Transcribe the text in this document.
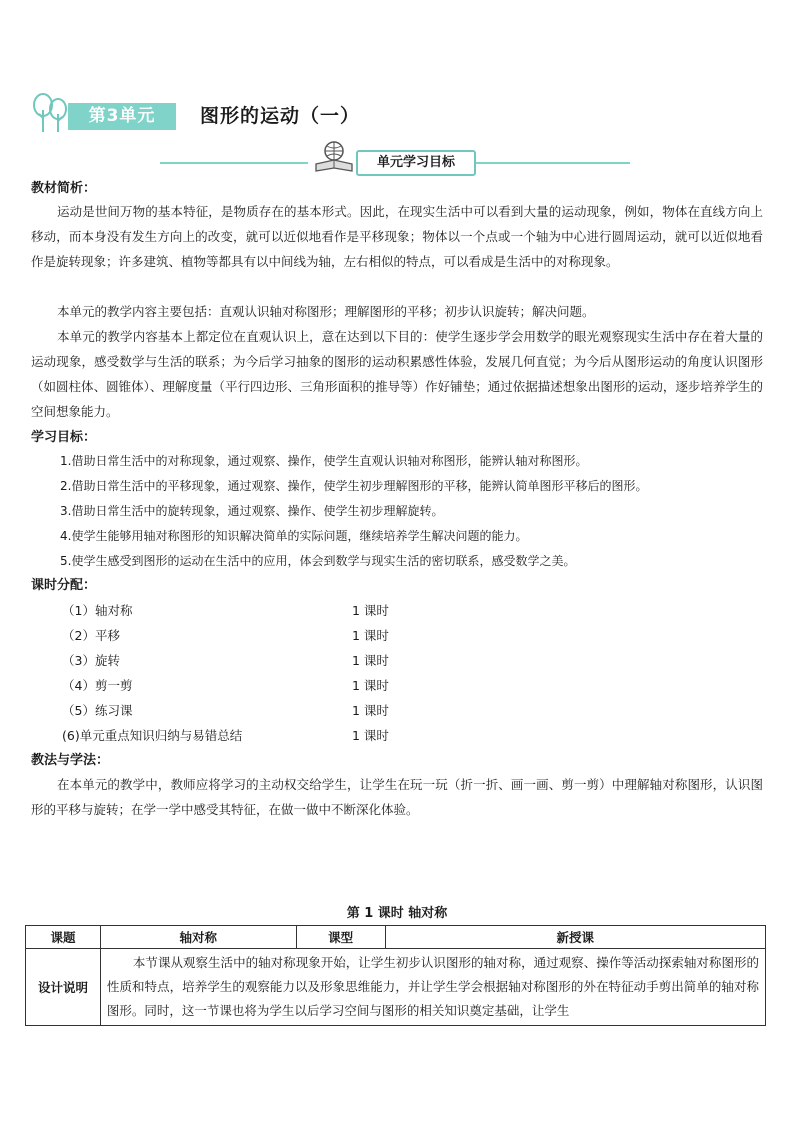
第3单元	图形的运动（一）
单元学习目标
教材简析：
运动是世间万物的基本特征，是物质存在的基本形式。因此，在现实生活中可以看到大量的运动现象，例如，物体在直线方向上移动，而本身没有发生方向上的改变，就可以近似地看作是平移现象；物体以一个点或一个轴为中心进行圆周运动，就可以近似地看作是旋转现象；许多建筑、植物等都具有以中间线为轴，左右相似的特点，可以看成是生活中的对称现象。
本单元的教学内容主要包括：直观认识轴对称图形；理解图形的平移；初步认识旋转；解决问题。
本单元的教学内容基本上都定位在直观认识上，意在达到以下目的：使学生逐步学会用数学的眼光观察现实生活中存在着大量的运动现象，感受数学与生活的联系；为今后学习抽象的图形的运动积累感性体验，发展几何直觉；为今后从图形运动的角度认识图形（如圆柱体、圆锥体）、理解度量（平行四边形、三角形面积的推导等）作好铺垫；通过依据描述想象出图形的运动，逐步培养学生的空间想象能力。
学习目标：
1.借助日常生活中的对称现象，通过观察、操作，使学生直观认识轴对称图形，能辨认轴对称图形。
2.借助日常生活中的平移现象，通过观察、操作，使学生初步理解图形的平移，能辨认简单图形平移后的图形。
3.借助日常生活中的旋转现象，通过观察、操作、使学生初步理解旋转。
4.使学生能够用轴对称图形的知识解决简单的实际问题，继续培养学生解决问题的能力。
5.使学生感受到图形的运动在生活中的应用，体会到数学与现实生活的密切联系，感受数学之美。
课时分配：
（1）轴对称	1 课时
（2）平移	1 课时
（3）旋转	1 课时
（4）剪一剪	1 课时
（5）练习课	1 课时
(6)单元重点知识归纳与易错总结	1 课时
教法与学法：
在本单元的教学中，教师应将学习的主动权交给学生，让学生在玩一玩（折一折、画一画、剪一剪）中理解轴对称图形，认识图形的平移与旋转；在学一学中感受其特征，在做一做中不断深化体验。
第 1 课时 轴对称
课题	轴对称	课型	新授课
设计说明	本节课从观察生活中的轴对称现象开始，让学生初步认识图形的轴对称，通过观察、操作等活动探索轴对称图形的性质和特点，培养学生的观察能力以及形象思维能力，并让学生学会根据轴对称图形的外在特征动手剪出简单的轴对称图形。同时，这一节课也将为学生以后学习空间与图形的相关知识奠定基础，让学生		
